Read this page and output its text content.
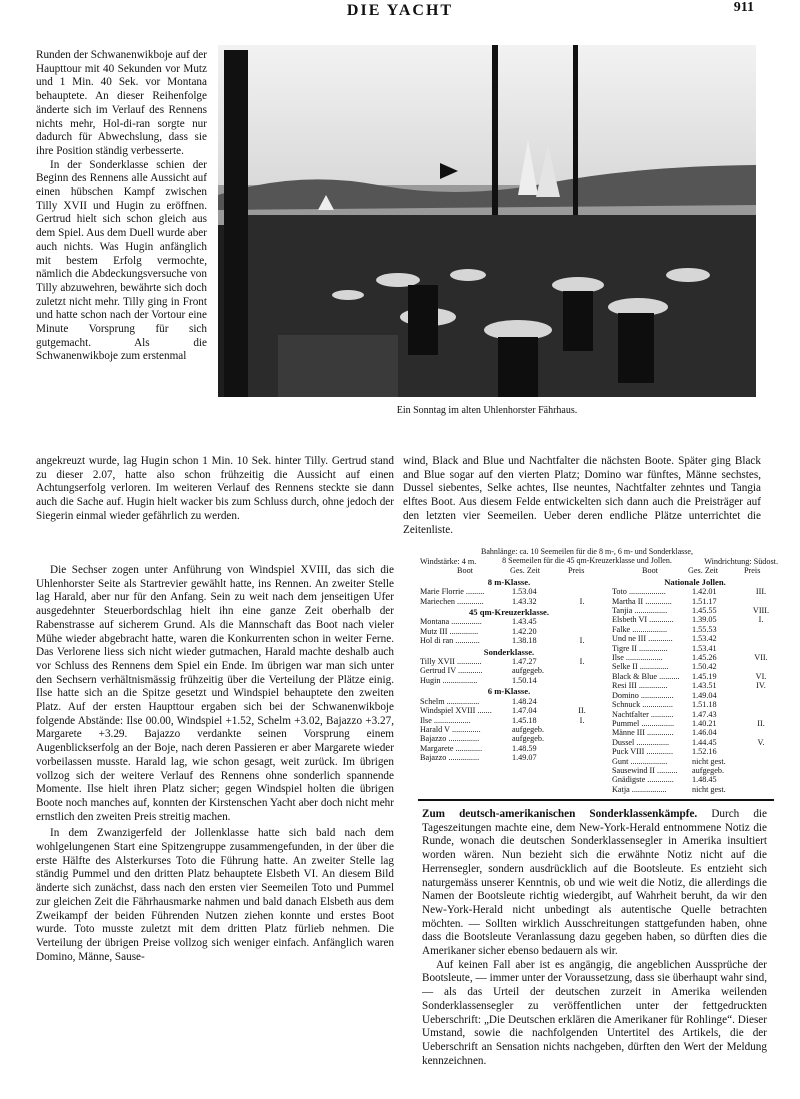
DIE YACHT	911

Runden der Schwanenwikboje auf der Haupttour mit 40 Sekunden vor Mutz und 1 Min. 40 Sek. vor Montana behauptete. An dieser Reihenfolge änderte sich im Verlauf des Rennens nichts mehr, Hol-di-ran sorgte nur dadurch für Abwechslung, dass sie ihre Position ständig verbesserte.

In der Sonderklasse schien der Beginn des Rennens alle Aussicht auf einen hübschen Kampf zwischen Tilly XVII und Hugin zu eröffnen. Gertrud hielt sich schon gleich aus dem Spiel. Aus dem Duell wurde aber auch nichts. Was Hugin anfänglich mit bestem Erfolg vermochte, nämlich die Abdeckungsversuche von Tilly abzuwehren, bewährte sich doch zuletzt nicht mehr. Tilly ging in Front und hatte schon nach der Vortour eine Minute Vorsprung für sich gutgemacht. Als die Schwanenwikboje zum erstenmal

Ein Sonntag im alten Uhlenhorster Fährhaus.

angekreuzt wurde, lag Hugin schon 1 Min. 10 Sek. hinter Tilly. Gertrud stand zu dieser 2.07, hatte also schon frühzeitig die Aussicht auf einen Achtungserfolg verloren. Im weiteren Verlauf des Rennens steckte sie dann auch die Sache auf. Hugin hielt wacker bis zum Schluss durch, ohne jedoch der Siegerin einmal wieder gefährlich zu werden.

Die Sechser zogen unter Anführung von Windspiel XVIII, das sich die Uhlenhorster Seite als Startrevier gewählt hatte, ins Rennen. An zweiter Stelle lag Harald, aber nur für den Anfang. Sein zu weit nach dem jenseitigen Ufer ausgedehnter Steuerbordschlag hielt ihn eine ganze Zeit oberhalb der Rabenstrasse auf sicherem Grund. Als die Mannschaft das Boot nach vieler Mühe wieder abgebracht hatte, waren die Konkurrenten schon in weiter Ferne. Das Verlorene liess sich nicht wieder gutmachen, Harald machte deshalb auch vor Schluss des Rennens dem Spiel ein Ende. Im übrigen war man sich unter den Sechsern verhältnismässig frühzeitig über die Verteilung der Plätze einig. Ilse hatte sich an die Spitze gesetzt und Windspiel behauptete den zweiten Platz. Auf der ersten Haupttour ergaben sich bei der Schwanenwikboje folgende Abstände: Ilse 00.00, Windspiel +1.52, Schelm +3.02, Bajazzo +3.27, Margarete +3.29. Bajazzo verdankte seinen Vorsprung einem Augenblickserfolg an der Boje, nach deren Passieren er aber Margarete wieder vorbeilassen musste. Harald lag, wie schon gesagt, weit zurück. Im übrigen vollzog sich der weitere Verlauf des Rennens ohne sonderlich spannende Momente. Ilse hielt ihren Platz sicher; gegen Windspiel holten die übrigen Boote noch manches auf, konnten der Kirstenschen Yacht aber doch nicht mehr ernstlich den zweiten Preis streitig machen.

In dem Zwanzigerfeld der Jollenklasse hatte sich bald nach dem wohlgelungenen Start eine Spitzengruppe zusammengefunden, in der über die erste Hälfte des Alsterkurses Toto die Führung hatte. An zweiter Stelle lag ständig Pummel und den dritten Platz behauptete Elsbeth VI. An diesem Bild änderte sich zunächst, dass nach den ersten vier Seemeilen Toto und Pummel zur gleichen Zeit die Fährhausmarke nahmen und bald danach Elsbeth aus dem Zweikampf der beiden Führenden Nutzen ziehen konnte und erstes Boot wurde. Toto musste zuletzt mit dem dritten Platz fürlieb nehmen. Die Verteilung der übrigen Preise vollzog sich weniger einfach. Anfänglich waren Domino, Männe, Sause-

wind, Black and Blue und Nachtfalter die nächsten Boote. Später ging Black and Blue sogar auf den vierten Platz; Domino war fünftes, Männe sechstes, Dussel siebentes, Selke achtes, Ilse neuntes, Nachtfalter zehntes und Tangia elftes Boot. Aus diesem Felde entwickelten sich dann auch die Preisträger auf den letzten vier Seemeilen. Ueber deren endliche Plätze unterrichtet die Zeitenliste.

Bahnlänge: ca. 10 Seemeilen für die 8 m-, 6 m- und Sonderklasse,
8 Seemeilen für die 45 qm-Kreuzerklasse und Jollen.
Windstärke: 4 m.
Boot	Ges. Zeit	Preis
8 m-Klasse.
Marie Florrie .........	1.53.04
Mariechen .............	1.43.32	I.
45 qm-Kreuzerklasse.
Montana ...............	1.43.45
Mutz III ..............	1.42.20
Hol di ran ............	1.38.18	I.
Sonderklasse.
Tilly XVII ............	1.47.27	I.
Gertrud IV ............	aufgegeb.
Hugin .................	1.50.14
6 m-Klasse.
Schelm ................	1.48.24
Windspiel XVIII .......	1.47.04	II.
Ilse ..................	1.45.18	I.
Harald V ..............	aufgegeb.
Bajazzo ...............	aufgegeb.
Margarete .............	1.48.59
Bajazzo ...............	1.49.07
Windrichtung: Südost.
Boot	Ges. Zeit	Preis
Nationale Jollen.
Toto ..................	1.42.01	III.
Martha II .............	1.51.17
Tanjia ................	1.45.55	VIII.
Elsbeth VI ............	1.39.05	I.
Falke .................	1.55.53
Und ne III ............	1.53.42
Tigre II ..............	1.53.41
Ilse ..................	1.45.26	VII.
Selke II ..............	1.50.42
Black & Blue ..........	1.45.19	VI.
Resi III ..............	1.43.51	IV.
Domino ................	1.49.04
Schnuck ...............	1.51.18
Nachtfalter ...........	1.47.43
Pummel ................	1.40.21	II.
Männe III .............	1.46.04
Dussel ................	1.44.45	V.
Puck VIII .............	1.52.16
Gunt ..................	nicht gest.
Sausewind II ..........	aufgegeb.
Gnädigste .............	1.48.45
Katja .................	nicht gest.

Zum deutsch-amerikanischen Sonderklassenkämpfe. Durch die Tageszeitungen machte eine, dem New-York-Herald entnommene Notiz die Runde, wonach die deutschen Sonderklassensegler in Amerika insultiert worden wären. Nun bezieht sich die erwähnte Notiz nicht auf die Herrensegler, sondern ausdrücklich auf die Bootsleute. Es entzieht sich naturgemäss unserer Kenntnis, ob und wie weit die Notiz, die allerdings die Namen der Bootsleute richtig wiedergibt, auf Wahrheit beruht, da wir den New-York-Herald nicht unbedingt als autentische Quelle betrachten möchten. — Sollten wirklich Ausschreitungen stattgefunden haben, ohne dass die Bootsleute Veranlassung dazu gegeben haben, so dürften dies die Amerikaner sicher ebenso bedauern als wir.

Auf keinen Fall aber ist es angängig, die angeblichen Aussprüche der Bootsleute, — immer unter der Voraussetzung, dass sie überhaupt wahr sind, — als das Urteil der deutschen zurzeit in Amerika weilenden Sonderklassensegler zu veröffentlichen unter der fettgedruckten Ueberschrift: „Die Deutschen erklären die Amerikaner für Rohlinge“. Dieser Umstand, sowie die nachfolgenden Untertitel des Artikels, die der Ueberschrift an Sensation nichts nachgeben, dürften den Wert der Meldung kennzeichnen.
